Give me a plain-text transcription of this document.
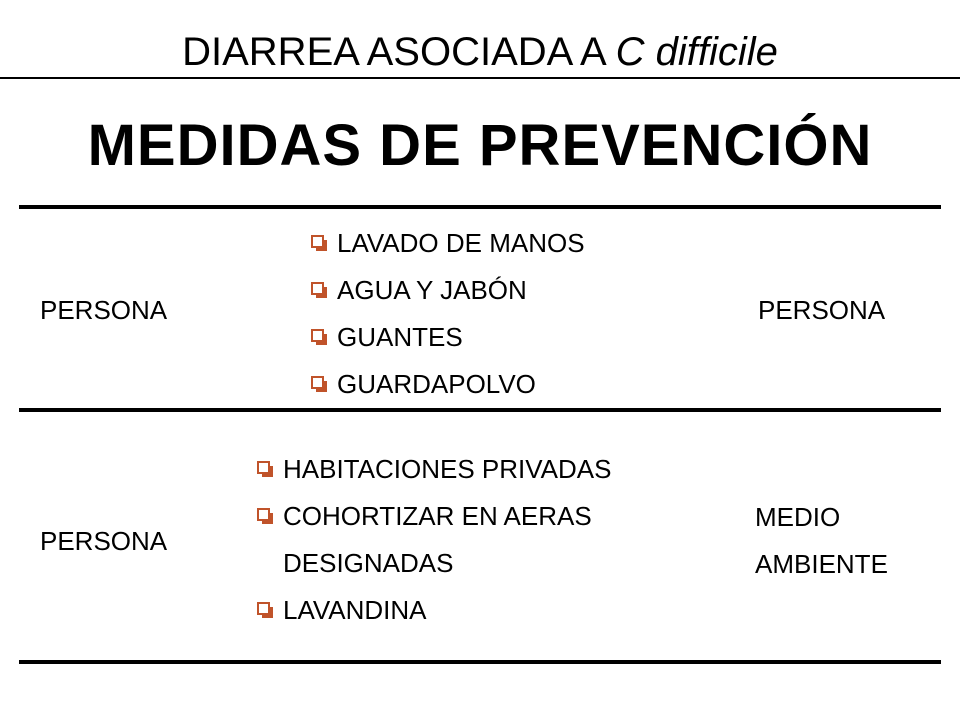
DIARREA ASOCIADA A C difficile
MEDIDAS DE PREVENCIÓN
PERSONA
LAVADO DE MANOS
AGUA Y JABÓN
GUANTES
GUARDAPOLVO
PERSONA
PERSONA
HABITACIONES PRIVADAS
COHORTIZAR EN AERAS
DESIGNADAS
LAVANDINA
MEDIO
AMBIENTE
